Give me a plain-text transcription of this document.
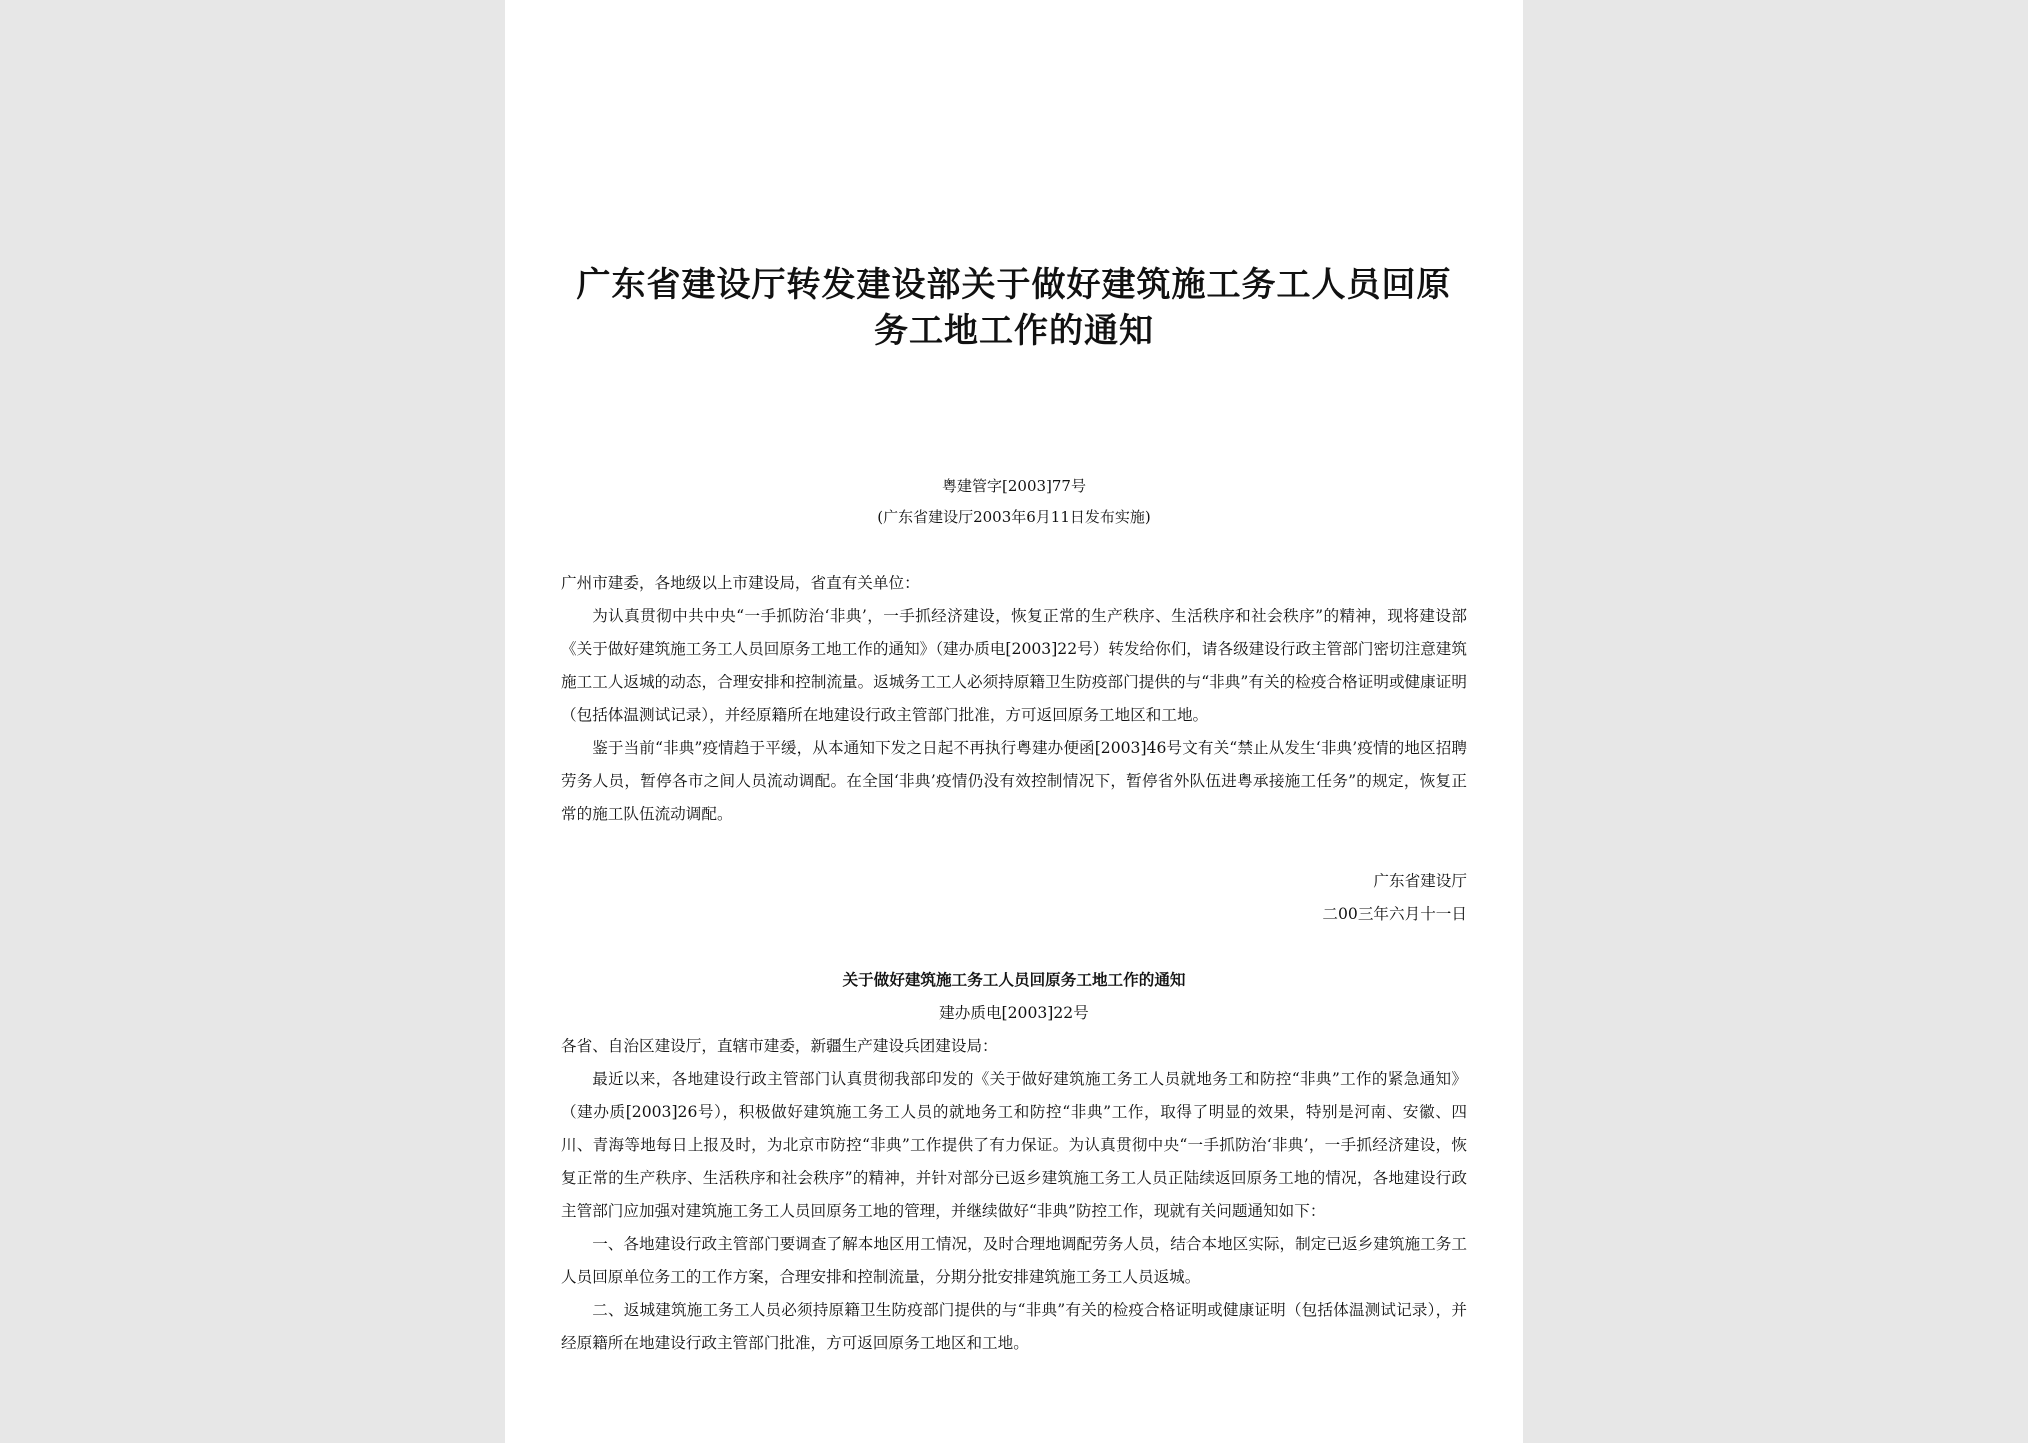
广东省建设厅转发建设部关于做好建筑施工务工人员回原务工地工作的通知

粤建管字[2003]77号

(广东省建设厅2003年6月11日发布实施)

广州市建委，各地级以上市建设局，省直有关单位：

为认真贯彻中共中央“一手抓防治‘非典’，一手抓经济建设，恢复正常的生产秩序、生活秩序和社会秩序”的精神，现将建设部《关于做好建筑施工务工人员回原务工地工作的通知》（建办质电[2003]22号）转发给你们，请各级建设行政主管部门密切注意建筑施工工人返城的动态，合理安排和控制流量。返城务工工人必须持原籍卫生防疫部门提供的与“非典”有关的检疫合格证明或健康证明（包括体温测试记录），并经原籍所在地建设行政主管部门批准，方可返回原务工地区和工地。

鉴于当前“非典”疫情趋于平缓，从本通知下发之日起不再执行粤建办便函[2003]46号文有关“禁止从发生‘非典’疫情的地区招聘劳务人员，暂停各市之间人员流动调配。在全国‘非典’疫情仍没有效控制情况下，暂停省外队伍进粤承接施工任务”的规定，恢复正常的施工队伍流动调配。

广东省建设厅
二00三年六月十一日

关于做好建筑施工务工人员回原务工地工作的通知

建办质电[2003]22号

各省、自治区建设厅，直辖市建委，新疆生产建设兵团建设局：

最近以来，各地建设行政主管部门认真贯彻我部印发的《关于做好建筑施工务工人员就地务工和防控“非典”工作的紧急通知》（建办质[2003]26号），积极做好建筑施工务工人员的就地务工和防控“非典”工作，取得了明显的效果，特别是河南、安徽、四川、青海等地每日上报及时，为北京市防控“非典”工作提供了有力保证。为认真贯彻中央“一手抓防治‘非典’，一手抓经济建设，恢复正常的生产秩序、生活秩序和社会秩序”的精神，并针对部分已返乡建筑施工务工人员正陆续返回原务工地的情况，各地建设行政主管部门应加强对建筑施工务工人员回原务工地的管理，并继续做好“非典”防控工作，现就有关问题通知如下：

一、各地建设行政主管部门要调查了解本地区用工情况，及时合理地调配劳务人员，结合本地区实际，制定已返乡建筑施工务工人员回原单位务工的工作方案，合理安排和控制流量，分期分批安排建筑施工务工人员返城。

二、返城建筑施工务工人员必须持原籍卫生防疫部门提供的与“非典”有关的检疫合格证明或健康证明（包括体温测试记录），并经原籍所在地建设行政主管部门批准，方可返回原务工地区和工地。
